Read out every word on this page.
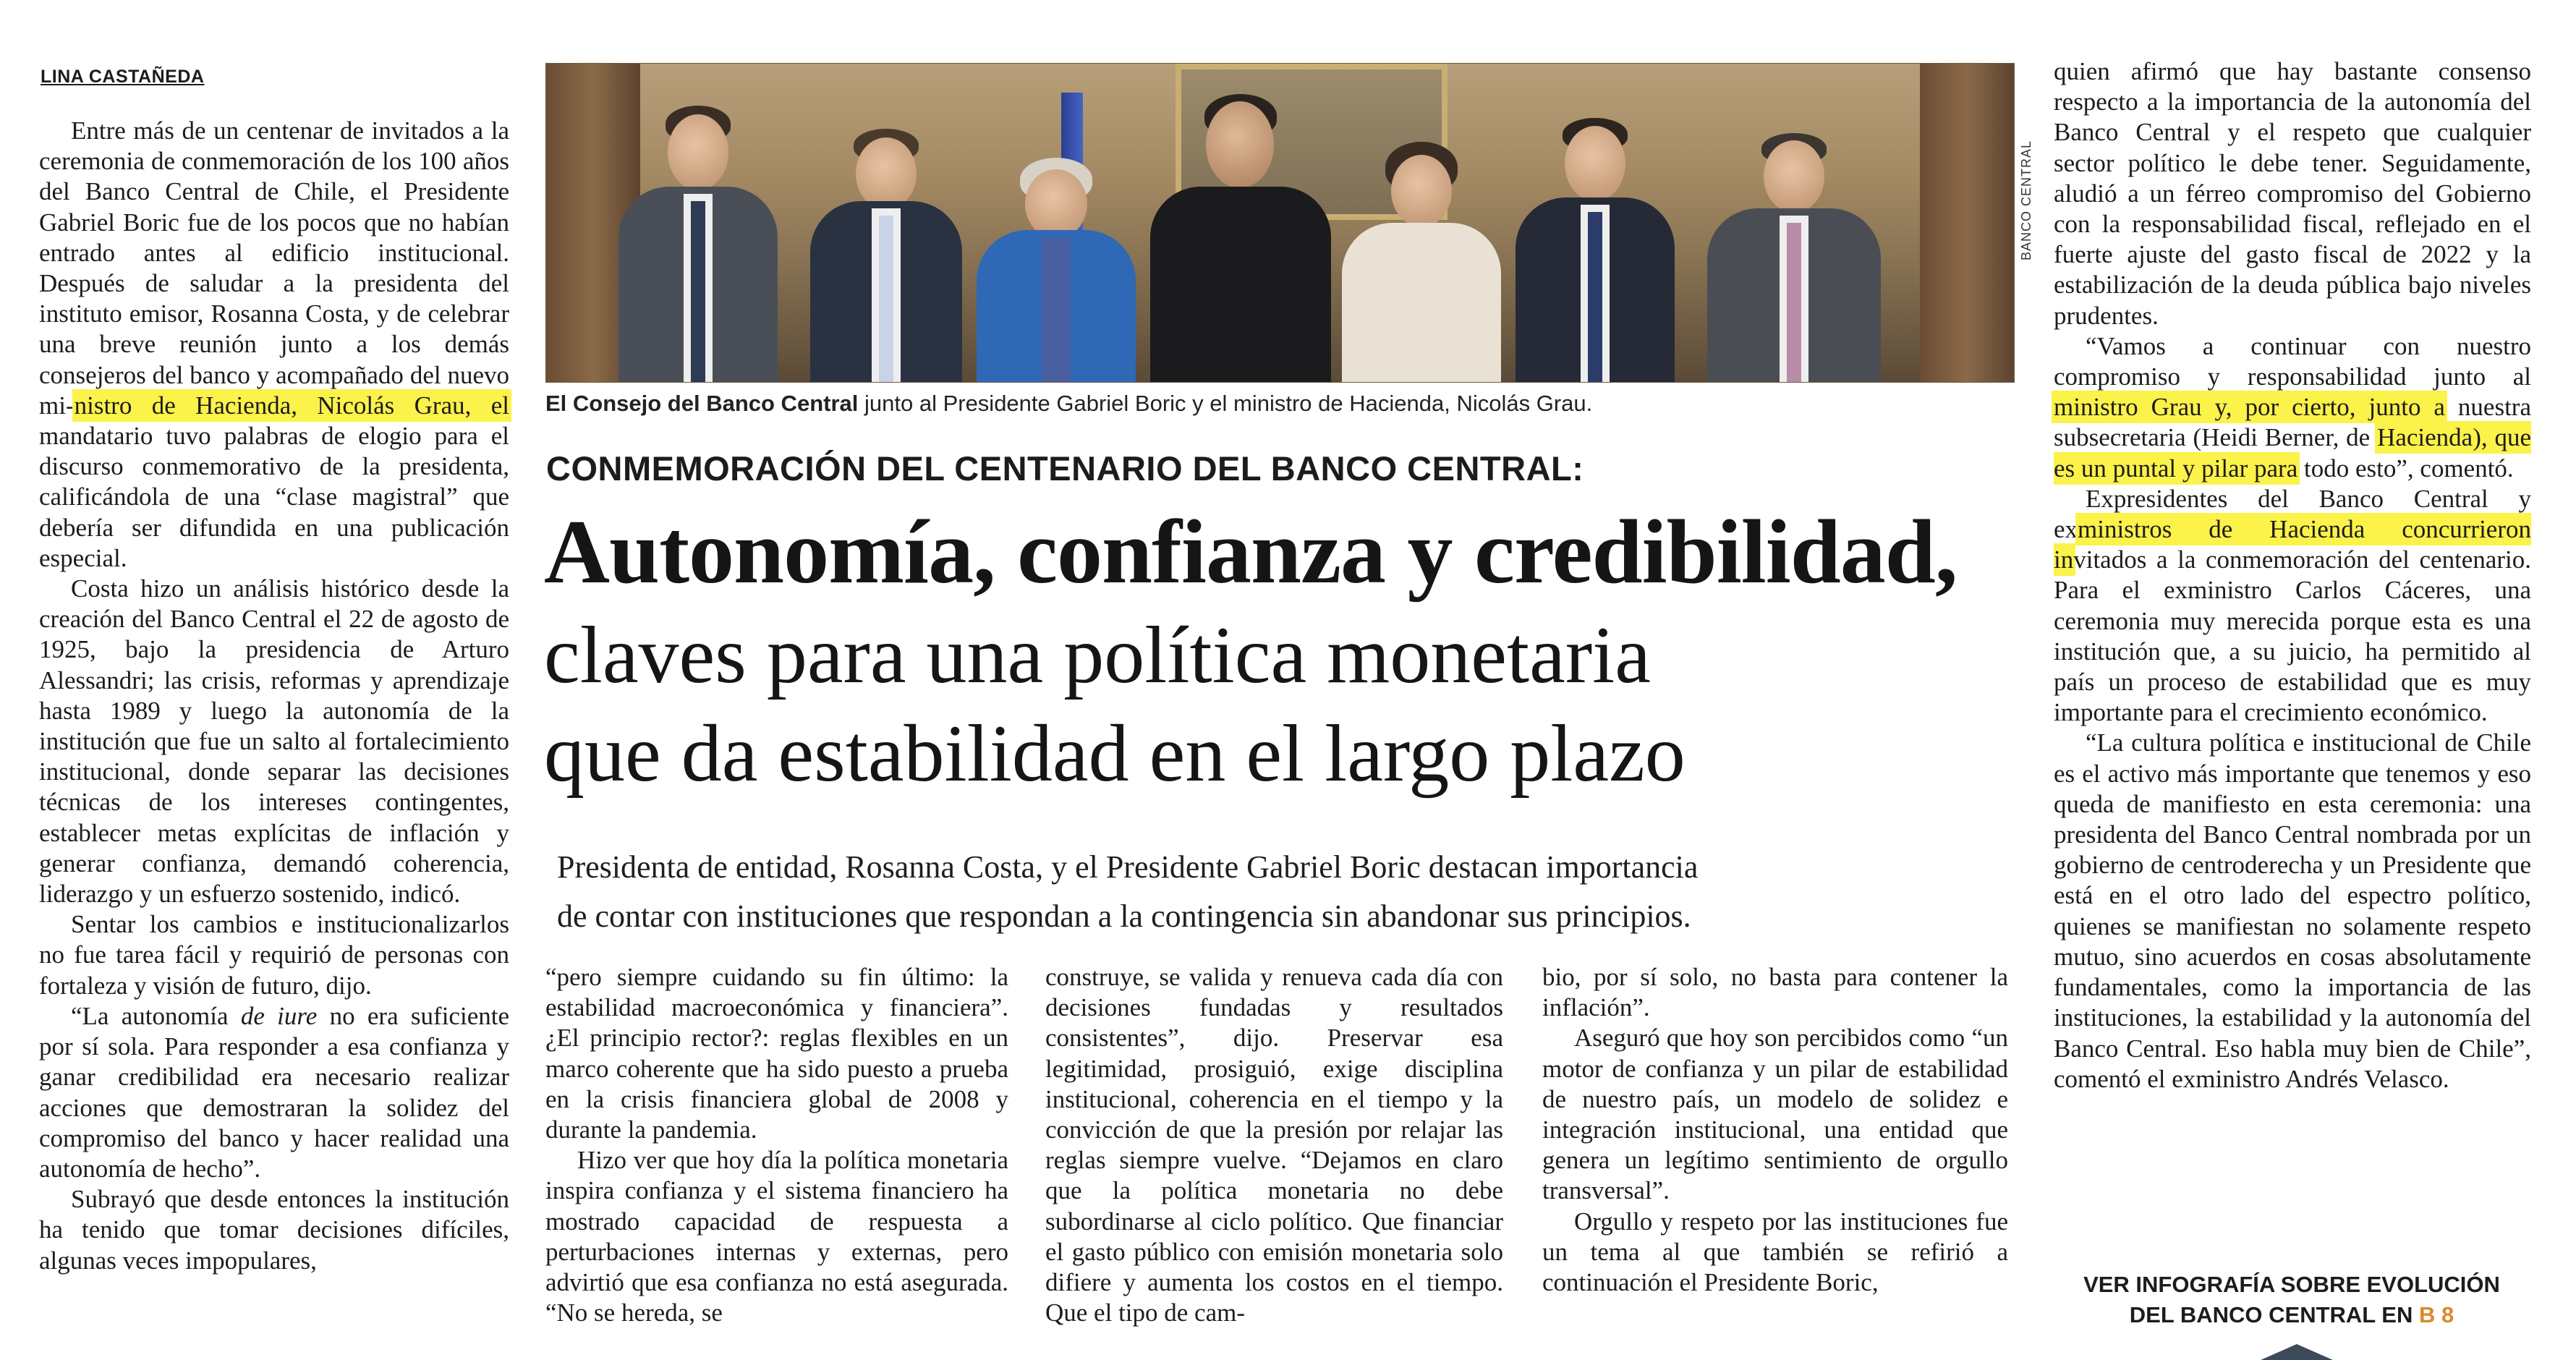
LINA CASTAÑEDA

Entre más de un centenar de invitados a la ceremonia de conmemoración de los 100 años del Banco Central de Chile, el Presidente Gabriel Boric fue de los pocos que no habían entrado antes al edificio institucional. Después de saludar a la presidenta del instituto emisor, Rosanna Costa, y de celebrar una breve reunión junto a los demás consejeros del banco y acompañado del nuevo mi-nistro de Hacienda, Nicolás Grau, el mandatario tuvo palabras de elogio para el discurso conmemorativo de la presidenta, calificándola de una “clase magistral” que debería ser difundida en una publicación especial.

Costa hizo un análisis histórico desde la creación del Banco Central el 22 de agosto de 1925, bajo la presidencia de Arturo Alessandri; las crisis, reformas y aprendizaje hasta 1989 y luego la autonomía de la institución que fue un salto al fortalecimiento institucional, donde separar las decisiones técnicas de los intereses contingentes, establecer metas explícitas de inflación y generar confianza, demandó coherencia, liderazgo y un esfuerzo sostenido, indicó.

Sentar los cambios e institucionalizarlos no fue tarea fácil y requirió de personas con fortaleza y visión de futuro, dijo.

“La autonomía de iure no era suficiente por sí sola. Para responder a esa confianza y ganar credibilidad era necesario realizar acciones que demostraran la solidez del compromiso del banco y hacer realidad una autonomía de hecho”.

Subrayó que desde entonces la institución ha tenido que tomar decisiones difíciles, algunas veces impopulares,

BANCO CENTRAL
El Consejo del Banco Central junto al Presidente Gabriel Boric y el ministro de Hacienda, Nicolás Grau.
CONMEMORACIÓN DEL CENTENARIO DEL BANCO CENTRAL:
Autonomía, confianza y credibilidad,
claves para una política monetaria
que da estabilidad en el largo plazo
Presidenta de entidad, Rosanna Costa, y el Presidente Gabriel Boric destacan importancia
de contar con instituciones que respondan a la contingencia sin abandonar sus principios.

“pero siempre cuidando su fin último: la estabilidad macroeconómica y financiera”. ¿El principio rector?: reglas flexibles en un marco coherente que ha sido puesto a prueba en la crisis financiera global de 2008 y durante la pandemia.

Hizo ver que hoy día la política monetaria inspira confianza y el sistema financiero ha mostrado capacidad de respuesta a perturbaciones internas y externas, pero advirtió que esa confianza no está asegurada. “No se hereda, se

construye, se valida y renueva cada día con decisiones fundadas y resultados consistentes”, dijo. Preservar esa legitimidad, prosiguió, exige disciplina institucional, coherencia en el tiempo y la convicción de que la presión por relajar las reglas siempre vuelve. “Dejamos en claro que la política monetaria no debe subordinarse al ciclo político. Que financiar el gasto público con emisión monetaria solo difiere y aumenta los costos en el tiempo. Que el tipo de cam-

bio, por sí solo, no basta para contener la inflación”.

Aseguró que hoy son percibidos como “un motor de confianza y un pilar de estabilidad de nuestro país, un modelo de solidez e integración institucional, una entidad que genera un legítimo sentimiento de orgullo transversal”.

Orgullo y respeto por las instituciones fue un tema al que también se refirió a continuación el Presidente Boric,

quien afirmó que hay bastante consenso respecto a la importancia de la autonomía del Banco Central y el respeto que cualquier sector político le debe tener. Seguidamente, aludió a un férreo compromiso del Gobierno con la responsabilidad fiscal, reflejado en el fuerte ajuste del gasto fiscal de 2022 y la estabilización de la deuda pública bajo niveles prudentes.

“Vamos a continuar con nuestro compromiso y responsabilidad junto al ministro Grau y, por cierto, junto a nuestra subsecretaria (Heidi Berner, de Hacienda), que es un puntal y pilar para todo esto”, comentó.

Expresidentes del Banco Central y exministros de Hacienda concurrieron invitados a la conmemoración del centenario. Para el exministro Carlos Cáceres, una ceremonia muy merecida porque esta es una institución que, a su juicio, ha permitido al país un proceso de estabilidad que es muy importante para el crecimiento económico.

“La cultura política e institucional de Chile es el activo más importante que tenemos y eso queda de manifiesto en esta ceremonia: una presidenta del Banco Central nombrada por un gobierno de centroderecha y un Presidente que está en el otro lado del espectro político, quienes se manifiestan no solamente respeto mutuo, sino acuerdos en cosas absolutamente fundamentales, como la importancia de las instituciones, la estabilidad y la autonomía del Banco Central. Eso habla muy bien de Chile”, comentó el exministro Andrés Velasco.

VER INFOGRAFÍA SOBRE EVOLUCIÓN
DEL BANCO CENTRAL EN B 8
